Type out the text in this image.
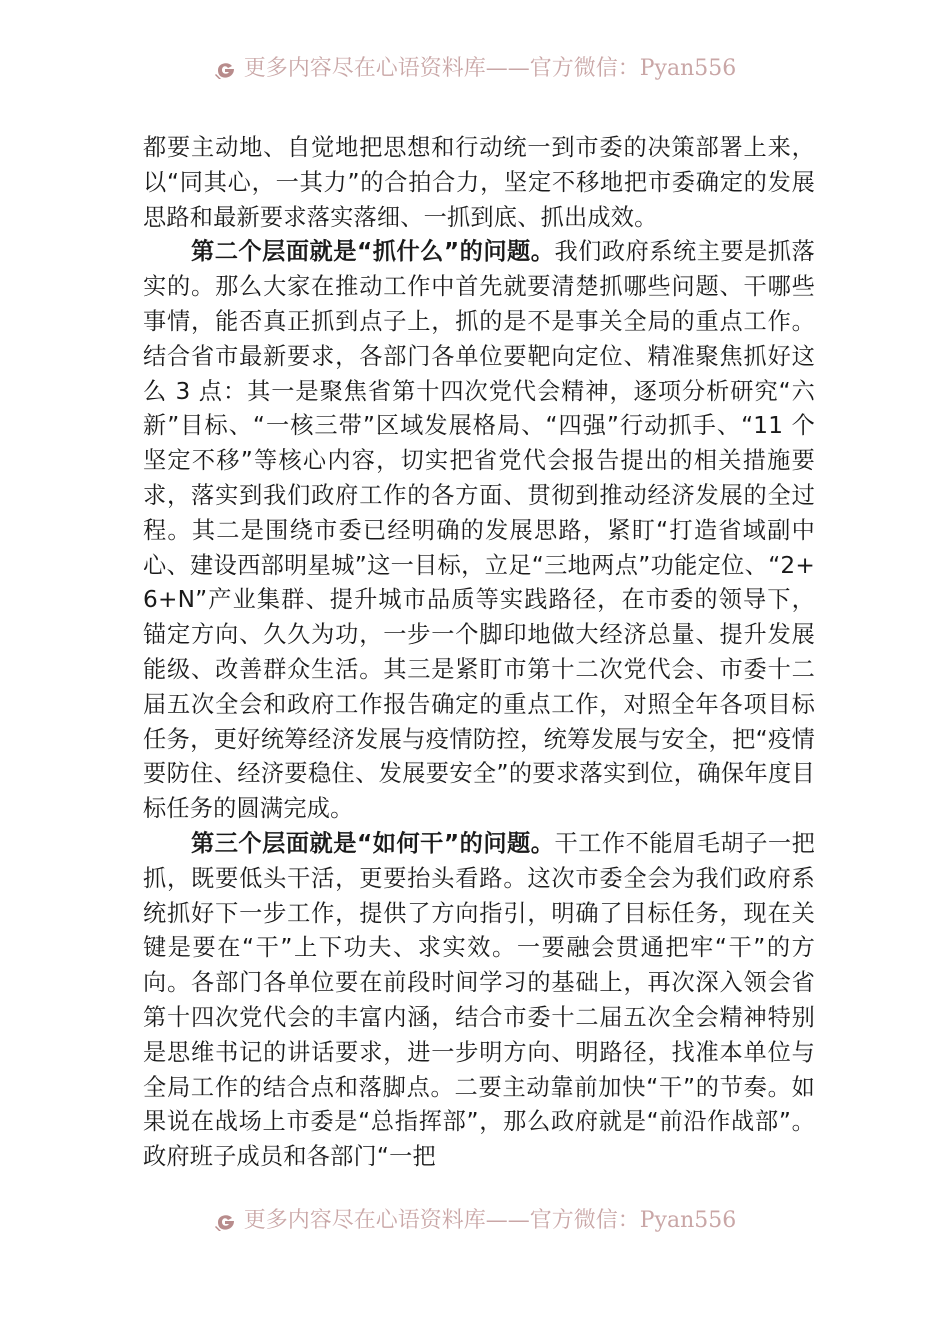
更多内容尽在心语资料库——官方微信：Pyan556

都要主动地、自觉地把思想和行动统一到市委的决策部署上来，以“同其心，一其力”的合拍合力，坚定不移地把市委确定的发展思路和最新要求落实落细、一抓到底、抓出成效。

第二个层面就是“抓什么”的问题。我们政府系统主要是抓落实的。那么大家在推动工作中首先就要清楚抓哪些问题、干哪些事情，能否真正抓到点子上，抓的是不是事关全局的重点工作。结合省市最新要求，各部门各单位要靶向定位、精准聚焦抓好这么 3 点：其一是聚焦省第十四次党代会精神，逐项分析研究“六新”目标、“一核三带”区域发展格局、“四强”行动抓手、“11 个坚定不移”等核心内容，切实把省党代会报告提出的相关措施要求，落实到我们政府工作的各方面、贯彻到推动经济发展的全过程。其二是围绕市委已经明确的发展思路，紧盯“打造省域副中心、建设西部明星城”这一目标，立足“三地两点”功能定位、“2+6+N”产业集群、提升城市品质等实践路径，在市委的领导下，锚定方向、久久为功，一步一个脚印地做大经济总量、提升发展能级、改善群众生活。其三是紧盯市第十二次党代会、市委十二届五次全会和政府工作报告确定的重点工作，对照全年各项目标任务，更好统筹经济发展与疫情防控，统筹发展与安全，把“疫情要防住、经济要稳住、发展要安全”的要求落实到位，确保年度目标任务的圆满完成。

第三个层面就是“如何干”的问题。干工作不能眉毛胡子一把抓，既要低头干活，更要抬头看路。这次市委全会为我们政府系统抓好下一步工作，提供了方向指引，明确了目标任务，现在关键是要在“干”上下功夫、求实效。一要融会贯通把牢“干”的方向。各部门各单位要在前段时间学习的基础上，再次深入领会省第十四次党代会的丰富内涵，结合市委十二届五次全会精神特别是思维书记的讲话要求，进一步明方向、明路径，找准本单位与全局工作的结合点和落脚点。二要主动靠前加快“干”的节奏。如果说在战场上市委是“总指挥部”，那么政府就是“前沿作战部”。政府班子成员和各部门“一把

更多内容尽在心语资料库——官方微信：Pyan556
